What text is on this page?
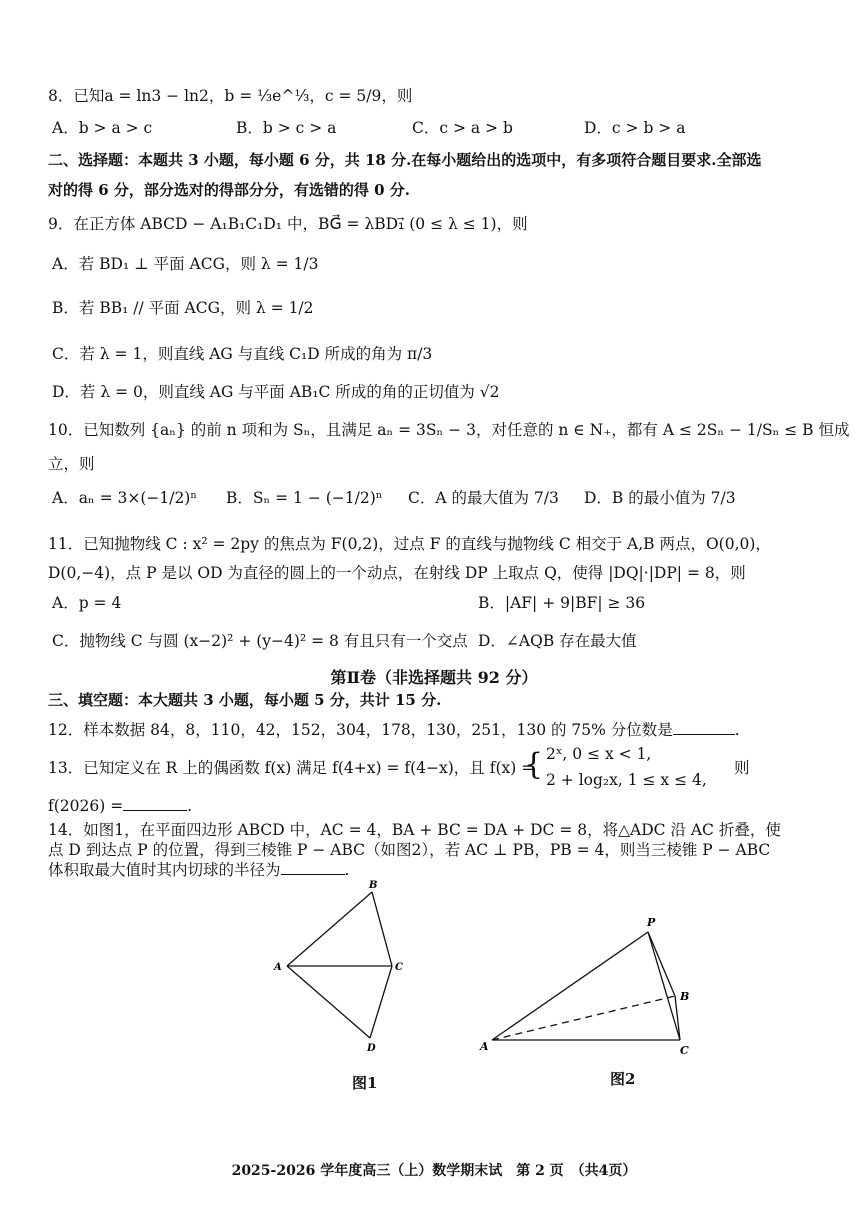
8．已知a = ln3 − ln2，b = ⅓e^⅓，c = 5/9，则
A．b > a > c	B．b > c > a	C．c > a > b	D．c > b > a
二、选择题：本题共 3 小题，每小题 6 分，共 18 分.在每小题给出的选项中，有多项符合题目要求.全部选
对的得 6 分，部分选对的得部分分，有选错的得 0 分.
9．在正方体 ABCD − A₁B₁C₁D₁ 中，BG⃗ = λBD₁⃗ (0 ≤ λ ≤ 1)，则
A．若 BD₁ ⊥ 平面 ACG，则 λ = 1/3
B．若 BB₁ // 平面 ACG，则 λ = 1/2
C．若 λ = 1，则直线 AG 与直线 C₁D 所成的角为 π/3
D．若 λ = 0，则直线 AG 与平面 AB₁C 所成的角的正切值为 √2
10．已知数列 {aₙ} 的前 n 项和为 Sₙ，且满足 aₙ = 3Sₙ − 3，对任意的 n ∈ N₊，都有 A ≤ 2Sₙ − 1/Sₙ ≤ B 恒成
立，则
A．aₙ = 3×(−1/2)ⁿ B．Sₙ = 1 − (−1/2)ⁿ C．A 的最大值为 7/3 D．B 的最小值为 7/3
11．已知抛物线 C : x² = 2py 的焦点为 F(0,2)，过点 F 的直线与抛物线 C 相交于 A,B 两点，O(0,0)，
D(0,−4)，点 P 是以 OD 为直径的圆上的一个动点，在射线 DP 上取点 Q，使得 |DQ|·|DP| = 8，则
A．p = 4	B．|AF| + 9|BF| ≥ 36
C．抛物线 C 与圆 (x−2)² + (y−4)² = 8 有且只有一个交点 D．∠AQB 存在最大值
第Ⅱ卷（非选择题共 92 分）
三、填空题：本大题共 3 小题，每小题 5 分，共计 15 分.
12．样本数据 84，8，110，42，152，304，178，130，251，130 的 75% 分位数是	.
13．已知定义在 R 上的偶函数 f(x) 满足 f(4+x) = f(4−x)，且 f(x) =
{ 2ˣ, 0 ≤ x < 1,
2 + log₂x, 1 ≤ x ≤ 4,
则
f(2026) =	.
14．如图1，在平面四边形 ABCD 中，AC = 4，BA + BC = DA + DC = 8，将△ADC 沿 AC 折叠，使
点 D 到达点 P 的位置，得到三棱锥 P − ABC（如图2），若 AC ⊥ PB，PB = 4，则当三棱锥 P − ABC
体积取最大值时其内切球的半径为	.
A
B
C
D
图1
P
B
A	C
图2
2025-2026 学年度高三（上）数学期末试　第 2 页　（共4页）
